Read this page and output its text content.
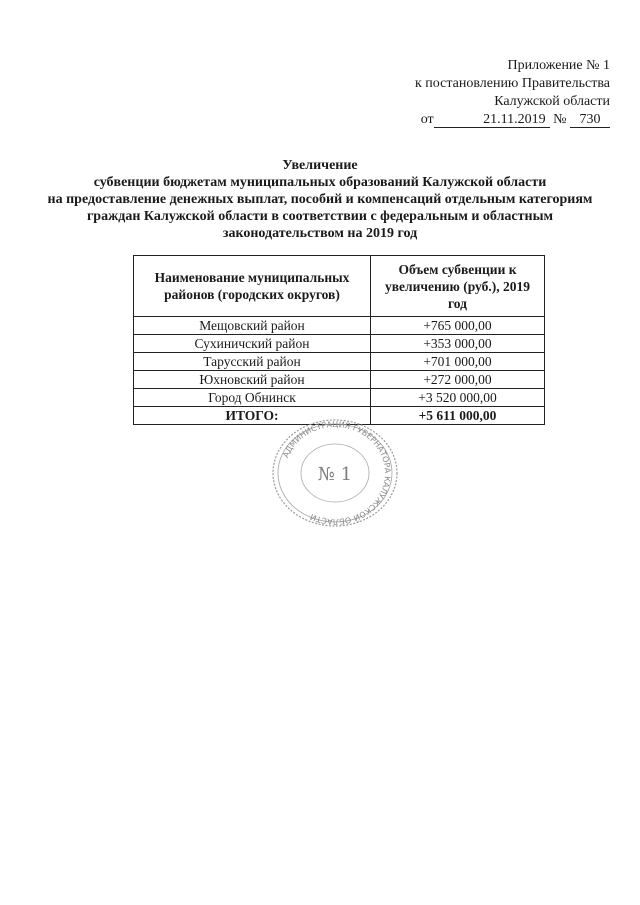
Приложение № 1
к постановлению Правительства
Калужской области
от	21.11.2019 № 730
Увеличение
субвенции бюджетам муниципальных образований Калужской области
на предоставление денежных выплат, пособий и компенсаций отдельным категориям
граждан Калужской области в соответствии с федеральным и областным
законодательством на 2019 год
Наименование муниципальных районов (городских округов)	Объем субвенции к увеличению (руб.), 2019 год
Мещовский район	+765 000,00
Сухиничский район	+353 000,00
Тарусский район	+701 000,00
Юхновский район	+272 000,00
Город Обнинск	+3 520 000,00
ИТОГО:	+5 611 000,00
АДМИНИСТРАЦИЯ ГУБЕРНАТОРА КАЛУЖСКОЙ ОБЛАСТИ
№ 1
